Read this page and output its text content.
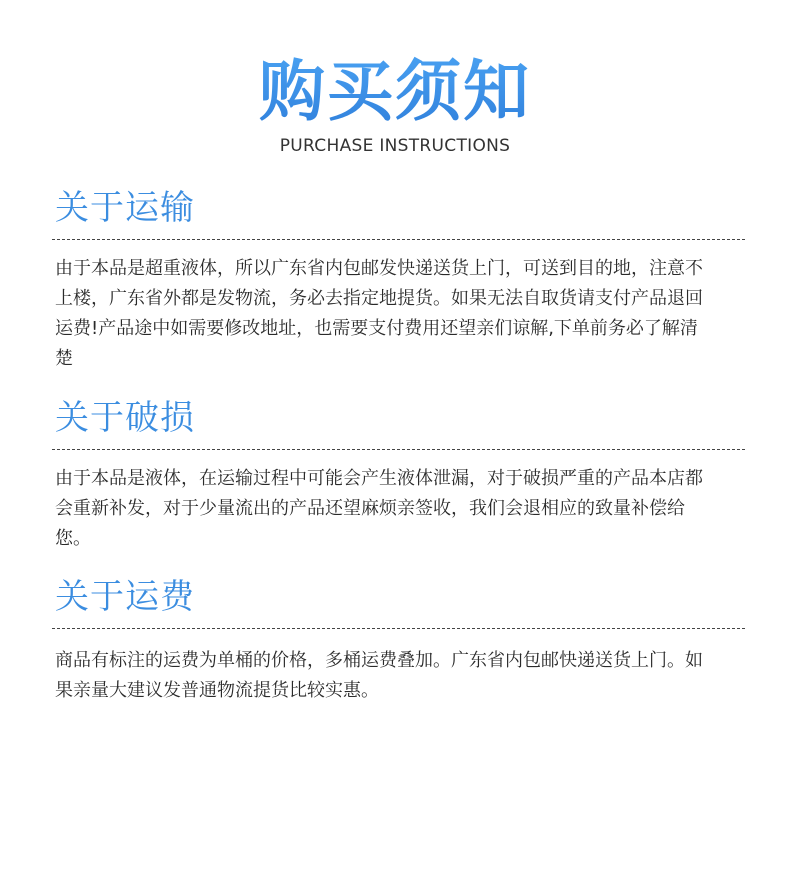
购买须知
PURCHASE INSTRUCTIONS
关于运输
由于本品是超重液体，所以广东省内包邮发快递送货上门，可送到目的地，注意不上楼，广东省外都是发物流，务必去指定地提货。如果无法自取货请支付产品退回运费!产品途中如需要修改地址，也需要支付费用还望亲们谅解,下单前务必了解清楚
关于破损
由于本品是液体，在运输过程中可能会产生液体泄漏，对于破损严重的产品本店都会重新补发，对于少量流出的产品还望麻烦亲签收，我们会退相应的致量补偿给您。
关于运费
商品有标注的运费为单桶的价格，多桶运费叠加。广东省内包邮快递送货上门。如果亲量大建议发普通物流提货比较实惠。
